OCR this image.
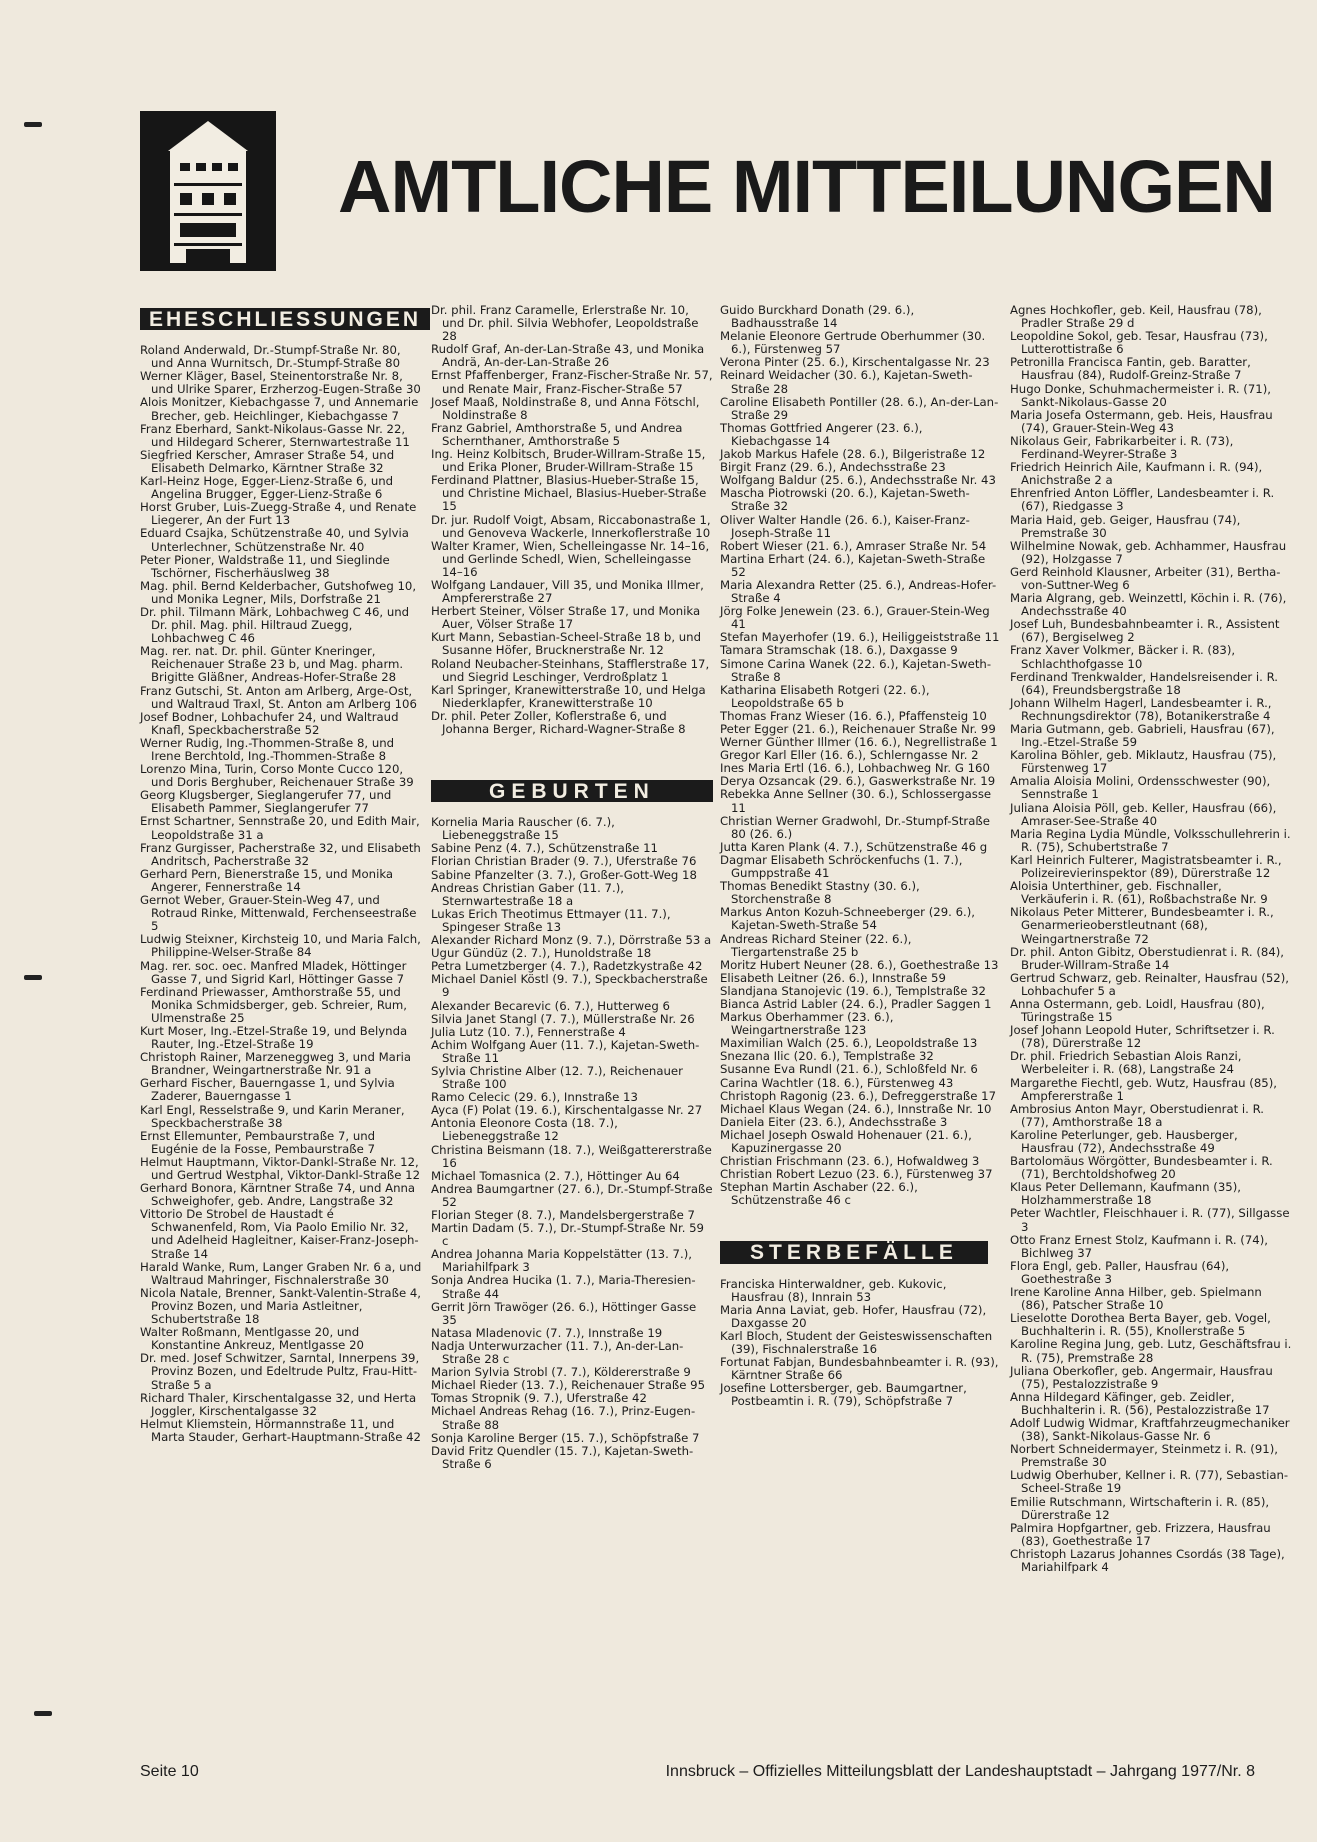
AMTLICHE MITTEILUNGEN
EHESCHLIESSUNGEN

Roland Anderwald, Dr.-Stumpf-Straße Nr. 80, und Anna Wurnitsch, Dr.-Stumpf-Straße 80

Werner Kläger, Basel, Steinentorstraße Nr. 8, und Ulrike Sparer, Erzherzog-Eugen-Straße 30

Alois Monitzer, Kiebachgasse 7, und Annemarie Brecher, geb. Heichlinger, Kiebachgasse 7

Franz Eberhard, Sankt-Nikolaus-Gasse Nr. 22, und Hildegard Scherer, Sternwartestraße 11

Siegfried Kerscher, Amraser Straße 54, und Elisabeth Delmarko, Kärntner Straße 32

Karl-Heinz Hoge, Egger-Lienz-Straße 6, und Angelina Brugger, Egger-Lienz-Straße 6

Horst Gruber, Luis-Zuegg-Straße 4, und Renate Liegerer, An der Furt 13

Eduard Csajka, Schützenstraße 40, und Sylvia Unterlechner, Schützenstraße Nr. 40

Peter Pioner, Waldstraße 11, und Sieglinde Tschörner, Fischerhäuslweg 38

Mag. phil. Bernd Kelderbacher, Gutshofweg 10, und Monika Legner, Mils, Dorfstraße 21

Dr. phil. Tilmann Märk, Lohbachweg C 46, und Dr. phil. Mag. phil. Hiltraud Zuegg, Lohbachweg C 46

Mag. rer. nat. Dr. phil. Günter Kneringer, Reichenauer Straße 23 b, und Mag. pharm. Brigitte Gläßner, Andreas-Hofer-Straße 28

Franz Gutschi, St. Anton am Arlberg, Arge-Ost, und Waltraud Traxl, St. Anton am Arlberg 106

Josef Bodner, Lohbachufer 24, und Waltraud Knafl, Speckbacherstraße 52

Werner Rudig, Ing.-Thommen-Straße 8, und Irene Berchtold, Ing.-Thommen-Straße 8

Lorenzo Mina, Turin, Corso Monte Cucco 120, und Doris Berghuber, Reichenauer Straße 39

Georg Klugsberger, Sieglangerufer 77, und Elisabeth Pammer, Sieglangerufer 77

Ernst Schartner, Sennstraße 20, und Edith Mair, Leopoldstraße 31 a

Franz Gurgisser, Pacherstraße 32, und Elisabeth Andritsch, Pacherstraße 32

Gerhard Pern, Bienerstraße 15, und Monika Angerer, Fennerstraße 14

Gernot Weber, Grauer-Stein-Weg 47, und Rotraud Rinke, Mittenwald, Ferchenseestraße 5

Ludwig Steixner, Kirchsteig 10, und Maria Falch, Philippine-Welser-Straße 84

Mag. rer. soc. oec. Manfred Mladek, Höttinger Gasse 7, und Sigrid Karl, Höttinger Gasse 7

Ferdinand Priewasser, Amthorstraße 55, und Monika Schmidsberger, geb. Schreier, Rum, Ulmenstraße 25

Kurt Moser, Ing.-Etzel-Straße 19, und Belynda Rauter, Ing.-Etzel-Straße 19

Christoph Rainer, Marzeneggweg 3, und Maria Brandner, Weingartnerstraße Nr. 91 a

Gerhard Fischer, Bauerngasse 1, und Sylvia Zaderer, Bauerngasse 1

Karl Engl, Resselstraße 9, und Karin Meraner, Speckbacherstraße 38

Ernst Ellemunter, Pembaurstraße 7, und Eugénie de la Fosse, Pembaurstraße 7

Helmut Hauptmann, Viktor-Dankl-Straße Nr. 12, und Gertrud Westphal, Viktor-Dankl-Straße 12

Gerhard Bonora, Kärntner Straße 74, und Anna Schweighofer, geb. Andre, Langstraße 32

Vittorio De Strobel de Haustadt é Schwanenfeld, Rom, Via Paolo Emilio Nr. 32, und Adelheid Hagleitner, Kaiser-Franz-Joseph-Straße 14

Harald Wanke, Rum, Langer Graben Nr. 6 a, und Waltraud Mahringer, Fischnalerstraße 30

Nicola Natale, Brenner, Sankt-Valentin-Straße 4, Provinz Bozen, und Maria Astleitner, Schubertstraße 18

Walter Roßmann, Mentlgasse 20, und Konstantine Ankreuz, Mentlgasse 20

Dr. med. Josef Schwitzer, Sarntal, Innerpens 39, Provinz Bozen, und Edeltrude Pultz, Frau-Hitt-Straße 5 a

Richard Thaler, Kirschentalgasse 32, und Herta Joggler, Kirschentalgasse 32

Helmut Kliemstein, Hörmannstraße 11, und Marta Stauder, Gerhart-Hauptmann-Straße 42

Dr. phil. Franz Caramelle, Erlerstraße Nr. 10, und Dr. phil. Silvia Webhofer, Leopoldstraße 28

Rudolf Graf, An-der-Lan-Straße 43, und Monika Andrä, An-der-Lan-Straße 26

Ernst Pfaffenberger, Franz-Fischer-Straße Nr. 57, und Renate Mair, Franz-Fischer-Straße 57

Josef Maaß, Noldinstraße 8, und Anna Fötschl, Noldinstraße 8

Franz Gabriel, Amthorstraße 5, und Andrea Schernthaner, Amthorstraße 5

Ing. Heinz Kolbitsch, Bruder-Willram-Straße 15, und Erika Ploner, Bruder-Willram-Straße 15

Ferdinand Plattner, Blasius-Hueber-Straße 15, und Christine Michael, Blasius-Hueber-Straße 15

Dr. jur. Rudolf Voigt, Absam, Riccabonastraße 1, und Genoveva Wackerle, Innerkoflerstraße 10

Walter Kramer, Wien, Schelleingasse Nr. 14–16, und Gerlinde Schedl, Wien, Schelleingasse 14–16

Wolfgang Landauer, Vill 35, und Monika Illmer, Ampfererstraße 27

Herbert Steiner, Völser Straße 17, und Monika Auer, Völser Straße 17

Kurt Mann, Sebastian-Scheel-Straße 18 b, und Susanne Höfer, Brucknerstraße Nr. 12

Roland Neubacher-Steinhans, Stafflerstraße 17, und Siegrid Leschinger, Verdroßplatz 1

Karl Springer, Kranewitterstraße 10, und Helga Niederklapfer, Kranewitterstraße 10

Dr. phil. Peter Zoller, Koflerstraße 6, und Johanna Berger, Richard-Wagner-Straße 8

GEBURTEN

Kornelia Maria Rauscher (6. 7.), Liebeneggstraße 15

Sabine Penz (4. 7.), Schützenstraße 11

Florian Christian Brader (9. 7.), Uferstraße 76

Sabine Pfanzelter (3. 7.), Großer-Gott-Weg 18

Andreas Christian Gaber (11. 7.), Sternwartestraße 18 a

Lukas Erich Theotimus Ettmayer (11. 7.), Spingeser Straße 13

Alexander Richard Monz (9. 7.), Dörrstraße 53 a

Ugur Gündüz (2. 7.), Hunoldstraße 18

Petra Lumetzberger (4. 7.), Radetzkystraße 42

Michael Daniel Köstl (9. 7.), Speckbacherstraße 9

Alexander Becarevic (6. 7.), Hutterweg 6

Silvia Janet Stangl (7. 7.), Müllerstraße Nr. 26

Julia Lutz (10. 7.), Fennerstraße 4

Achim Wolfgang Auer (11. 7.), Kajetan-Sweth-Straße 11

Sylvia Christine Alber (12. 7.), Reichenauer Straße 100

Ramo Celecic (29. 6.), Innstraße 13

Ayca (F) Polat (19. 6.), Kirschentalgasse Nr. 27

Antonia Eleonore Costa (18. 7.), Liebeneggstraße 12

Christina Beismann (18. 7.), Weißgattererstraße 16

Michael Tomasnica (2. 7.), Höttinger Au 64

Andrea Baumgartner (27. 6.), Dr.-Stumpf-Straße 52

Florian Steger (8. 7.), Mandelsbergerstraße 7

Martin Dadam (5. 7.), Dr.-Stumpf-Straße Nr. 59 c

Andrea Johanna Maria Koppelstätter (13. 7.), Mariahilfpark 3

Sonja Andrea Hucika (1. 7.), Maria-Theresien-Straße 44

Gerrit Jörn Trawöger (26. 6.), Höttinger Gasse 35

Natasa Mladenovic (7. 7.), Innstraße 19

Nadja Unterwurzacher (11. 7.), An-der-Lan-Straße 28 c

Marion Sylvia Strobl (7. 7.), Köldererstraße 9

Michael Rieder (13. 7.), Reichenauer Straße 95

Tomas Stropnik (9. 7.), Uferstraße 42

Michael Andreas Rehag (16. 7.), Prinz-Eugen-Straße 88

Sonja Karoline Berger (15. 7.), Schöpfstraße 7

David Fritz Quendler (15. 7.), Kajetan-Sweth-Straße 6

Guido Burckhard Donath (29. 6.), Badhausstraße 14

Melanie Eleonore Gertrude Oberhummer (30. 6.), Fürstenweg 57

Verona Pinter (25. 6.), Kirschentalgasse Nr. 23

Reinard Weidacher (30. 6.), Kajetan-Sweth-Straße 28

Caroline Elisabeth Pontiller (28. 6.), An-der-Lan-Straße 29

Thomas Gottfried Angerer (23. 6.), Kiebachgasse 14

Jakob Markus Hafele (28. 6.), Bilgeristraße 12

Birgit Franz (29. 6.), Andechsstraße 23

Wolfgang Baldur (25. 6.), Andechsstraße Nr. 43

Mascha Piotrowski (20. 6.), Kajetan-Sweth-Straße 32

Oliver Walter Handle (26. 6.), Kaiser-Franz-Joseph-Straße 11

Robert Wieser (21. 6.), Amraser Straße Nr. 54

Martina Erhart (24. 6.), Kajetan-Sweth-Straße 52

Maria Alexandra Retter (25. 6.), Andreas-Hofer-Straße 4

Jörg Folke Jenewein (23. 6.), Grauer-Stein-Weg 41

Stefan Mayerhofer (19. 6.), Heiliggeiststraße 11

Tamara Stramschak (18. 6.), Daxgasse 9

Simone Carina Wanek (22. 6.), Kajetan-Sweth-Straße 8

Katharina Elisabeth Rotgeri (22. 6.), Leopoldstraße 65 b

Thomas Franz Wieser (16. 6.), Pfaffensteig 10

Peter Egger (21. 6.), Reichenauer Straße Nr. 99

Werner Günther Illmer (16. 6.), Negrellistraße 1

Gregor Karl Eller (16. 6.), Schlerngasse Nr. 2

Ines Maria Ertl (16. 6.), Lohbachweg Nr. G 160

Derya Ozsancak (29. 6.), Gaswerkstraße Nr. 19

Rebekka Anne Sellner (30. 6.), Schlossergasse 11

Christian Werner Gradwohl, Dr.-Stumpf-Straße 80 (26. 6.)

Jutta Karen Plank (4. 7.), Schützenstraße 46 g

Dagmar Elisabeth Schröckenfuchs (1. 7.), Gumppstraße 41

Thomas Benedikt Stastny (30. 6.), Storchenstraße 8

Markus Anton Kozuh-Schneeberger (29. 6.), Kajetan-Sweth-Straße 54

Andreas Richard Steiner (22. 6.), Tiergartenstraße 25 b

Moritz Hubert Neuner (28. 6.), Goethestraße 13

Elisabeth Leitner (26. 6.), Innstraße 59

Slandjana Stanojevic (19. 6.), Templstraße 32

Bianca Astrid Labler (24. 6.), Pradler Saggen 1

Markus Oberhammer (23. 6.), Weingartnerstraße 123

Maximilian Walch (25. 6.), Leopoldstraße 13

Snezana Ilic (20. 6.), Templstraße 32

Susanne Eva Rundl (21. 6.), Schloßfeld Nr. 6

Carina Wachtler (18. 6.), Fürstenweg 43

Christoph Ragonig (23. 6.), Defreggerstraße 17

Michael Klaus Wegan (24. 6.), Innstraße Nr. 10

Daniela Eiter (23. 6.), Andechsstraße 3

Michael Joseph Oswald Hohenauer (21. 6.), Kapuzinergasse 20

Christian Frischmann (23. 6.), Hofwaldweg 3

Christian Robert Lezuo (23. 6.), Fürstenweg 37

Stephan Martin Aschaber (22. 6.), Schützenstraße 46 c

STERBEFÄLLE

Franciska Hinterwaldner, geb. Kukovic, Hausfrau (8), Innrain 53

Maria Anna Laviat, geb. Hofer, Hausfrau (72), Daxgasse 20

Karl Bloch, Student der Geisteswissenschaften (39), Fischnalerstraße 16

Fortunat Fabjan, Bundesbahnbeamter i. R. (93), Kärntner Straße 66

Josefine Lottersberger, geb. Baumgartner, Postbeamtin i. R. (79), Schöpfstraße 7

Agnes Hochkofler, geb. Keil, Hausfrau (78), Pradler Straße 29 d

Leopoldine Sokol, geb. Tesar, Hausfrau (73), Lutterottistraße 6

Petronilla Francisca Fantin, geb. Baratter, Hausfrau (84), Rudolf-Greinz-Straße 7

Hugo Donke, Schuhmachermeister i. R. (71), Sankt-Nikolaus-Gasse 20

Maria Josefa Ostermann, geb. Heis, Hausfrau (74), Grauer-Stein-Weg 43

Nikolaus Geir, Fabrikarbeiter i. R. (73), Ferdinand-Weyrer-Straße 3

Friedrich Heinrich Aile, Kaufmann i. R. (94), Anichstraße 2 a

Ehrenfried Anton Löffler, Landesbeamter i. R. (67), Riedgasse 3

Maria Haid, geb. Geiger, Hausfrau (74), Premstraße 30

Wilhelmine Nowak, geb. Achhammer, Hausfrau (92), Holzgasse 7

Gerd Reinhold Klausner, Arbeiter (31), Bertha-von-Suttner-Weg 6

Maria Algrang, geb. Weinzettl, Köchin i. R. (76), Andechsstraße 40

Josef Luh, Bundesbahnbeamter i. R., Assistent (67), Bergiselweg 2

Franz Xaver Volkmer, Bäcker i. R. (83), Schlachthofgasse 10

Ferdinand Trenkwalder, Handelsreisender i. R. (64), Freundsbergstraße 18

Johann Wilhelm Hagerl, Landesbeamter i. R., Rechnungsdirektor (78), Botanikerstraße 4

Maria Gutmann, geb. Gabrieli, Hausfrau (67), Ing.-Etzel-Straße 59

Karolina Böhler, geb. Miklautz, Hausfrau (75), Fürstenweg 17

Amalia Aloisia Molini, Ordensschwester (90), Sennstraße 1

Juliana Aloisia Pöll, geb. Keller, Hausfrau (66), Amraser-See-Straße 40

Maria Regina Lydia Mündle, Volksschullehrerin i. R. (75), Schubertstraße 7

Karl Heinrich Fulterer, Magistratsbeamter i. R., Polizeirevierinspektor (89), Dürerstraße 12

Aloisia Unterthiner, geb. Fischnaller, Verkäuferin i. R. (61), Roßbachstraße Nr. 9

Nikolaus Peter Mitterer, Bundesbeamter i. R., Genarmerieoberstleutnant (68), Weingartnerstraße 72

Dr. phil. Anton Gibitz, Oberstudienrat i. R. (84), Bruder-Willram-Straße 14

Gertrud Schwarz, geb. Reinalter, Hausfrau (52), Lohbachufer 5 a

Anna Ostermann, geb. Loidl, Hausfrau (80), Türingstraße 15

Josef Johann Leopold Huter, Schriftsetzer i. R. (78), Dürerstraße 12

Dr. phil. Friedrich Sebastian Alois Ranzi, Werbeleiter i. R. (68), Langstraße 24

Margarethe Fiechtl, geb. Wutz, Hausfrau (85), Ampfererstraße 1

Ambrosius Anton Mayr, Oberstudienrat i. R. (77), Amthorstraße 18 a

Karoline Peterlunger, geb. Hausberger, Hausfrau (72), Andechsstraße 49

Bartolomäus Wörgötter, Bundesbeamter i. R. (71), Berchtoldshofweg 20

Klaus Peter Dellemann, Kaufmann (35), Holzhammerstraße 18

Peter Wachtler, Fleischhauer i. R. (77), Sillgasse 3

Otto Franz Ernest Stolz, Kaufmann i. R. (74), Bichlweg 37

Flora Engl, geb. Paller, Hausfrau (64), Goethestraße 3

Irene Karoline Anna Hilber, geb. Spielmann (86), Patscher Straße 10

Lieselotte Dorothea Berta Bayer, geb. Vogel, Buchhalterin i. R. (55), Knollerstraße 5

Karoline Regina Jung, geb. Lutz, Geschäftsfrau i. R. (75), Premstraße 28

Juliana Oberkofler, geb. Angermair, Hausfrau (75), Pestalozzistraße 9

Anna Hildegard Käfinger, geb. Zeidler, Buchhalterin i. R. (56), Pestalozzistraße 17

Adolf Ludwig Widmar, Kraftfahrzeugmechaniker (38), Sankt-Nikolaus-Gasse Nr. 6

Norbert Schneidermayer, Steinmetz i. R. (91), Premstraße 30

Ludwig Oberhuber, Kellner i. R. (77), Sebastian-Scheel-Straße 19

Emilie Rutschmann, Wirtschafterin i. R. (85), Dürerstraße 12

Palmira Hopfgartner, geb. Frizzera, Hausfrau (83), Goethestraße 17

Christoph Lazarus Johannes Csordás (38 Tage), Mariahilfpark 4

Seite 10	Innsbruck – Offizielles Mitteilungsblatt der Landeshauptstadt – Jahrgang 1977/Nr. 8
